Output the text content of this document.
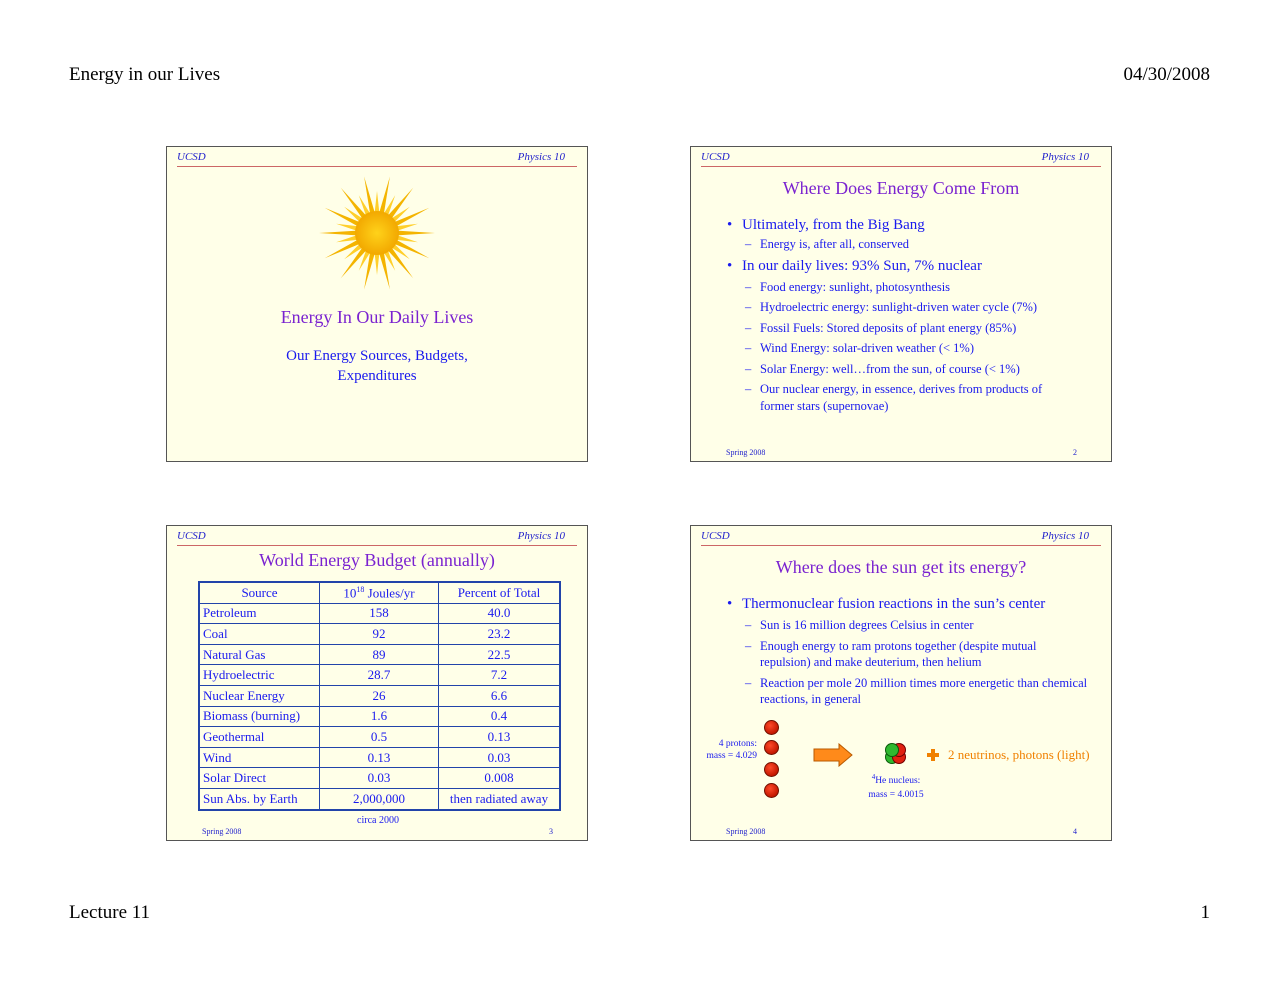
Energy in our Lives	04/30/2008
Lecture 11	1
UCSD	Physics 10
Energy In Our Daily Lives
Our Energy Sources, Budgets,
Expenditures
UCSD	Physics 10
Where Does Energy Come From
• Ultimately, from the Big Bang
– Energy is, after all, conserved
• In our daily lives: 93% Sun, 7% nuclear
– Food energy: sunlight, photosynthesis
– Hydroelectric energy: sunlight-driven water cycle (7%)
– Fossil Fuels: Stored deposits of plant energy (85%)
– Wind Energy: solar-driven weather (< 1%)
– Solar Energy: well…from the sun, of course (< 1%)
– Our nuclear energy, in essence, derives from products of former stars (supernovae)
Spring 2008	2
UCSD	Physics 10
World Energy Budget (annually)
Source	$10^{18}$ Joules/yr	Percent of Total
Petroleum	158	40.0
Coal	92	23.2
Natural Gas	89	22.5
Hydroelectric	28.7	7.2
Nuclear Energy	26	6.6
Biomass (burning)	1.6	0.4
Geothermal	0.5	0.13
Wind	0.13	0.03
Solar Direct	0.03	0.008
Sun Abs. by Earth	2,000,000	then radiated away
circa 2000
Spring 2008	3
UCSD	Physics 10
Where does the sun get its energy?
• Thermonuclear fusion reactions in the sun’s center
– Sun is 16 million degrees Celsius in center
– Enough energy to ram protons together (despite mutual repulsion) and make deuterium, then helium
– Reaction per mole 20 million times more energetic than chemical reactions, in general
4 protons:
mass = 4.029
$^4$He nucleus:
mass = 4.0015
2 neutrinos, photons (light)
Spring 2008	4
